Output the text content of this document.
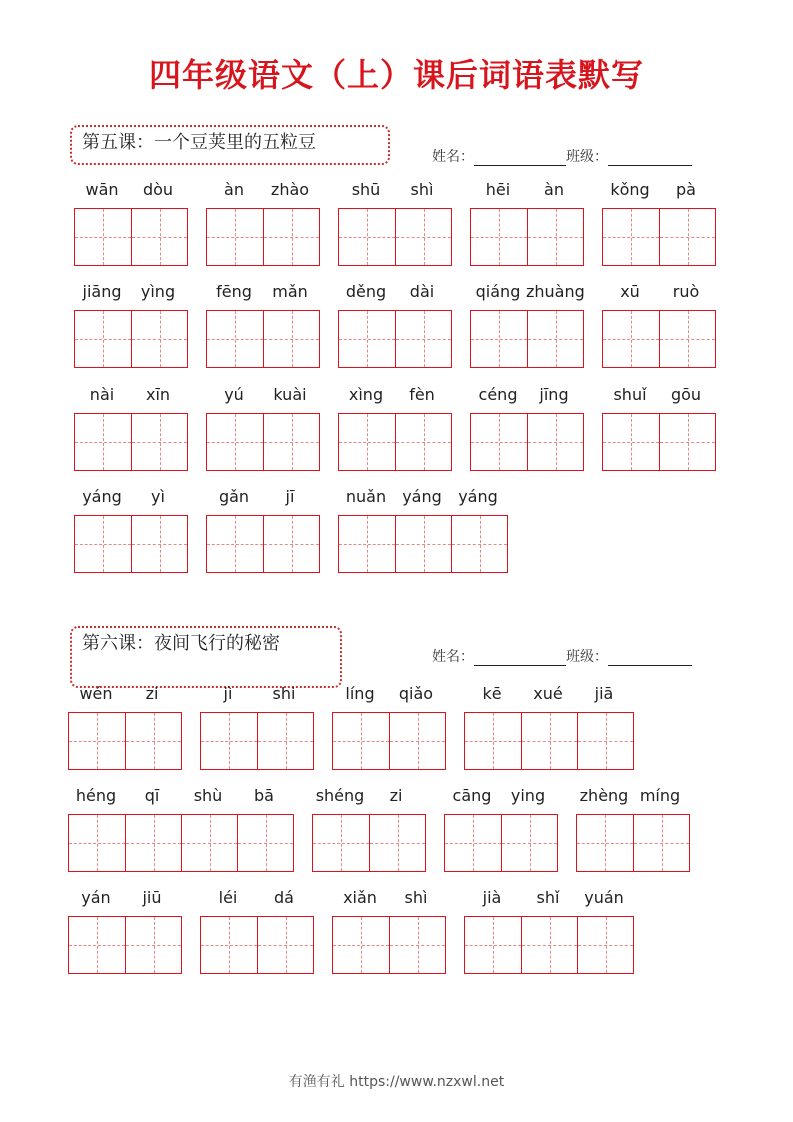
四年级语文（上）课后词语表默写
第五课：一个豆荚里的五粒豆
姓名：	班级：
wān	dòu	àn	zhào	shū	shì	hēi	àn	kǒng	pà
jiāng	yìng	fēng	mǎn	děng	dài	qiáng zhuàng	xū	ruò
nài	xīn	yú	kuài	xìng	fèn	céng	jīng	shuǐ	gōu
yáng	yì	gǎn	jī	nuǎn	yáng	yáng
第六课：夜间飞行的秘密
姓名：	班级：
wén	zi	jì	shi	líng	qiǎo	kē	xué	jiā
héng	qī	shù	bā	shéng	zi	cāng	ying	zhèng míng
yán	jiū	léi	dá	xiǎn	shì	jià	shǐ	yuán
有渔有礼 https://www.nzxwl.net
